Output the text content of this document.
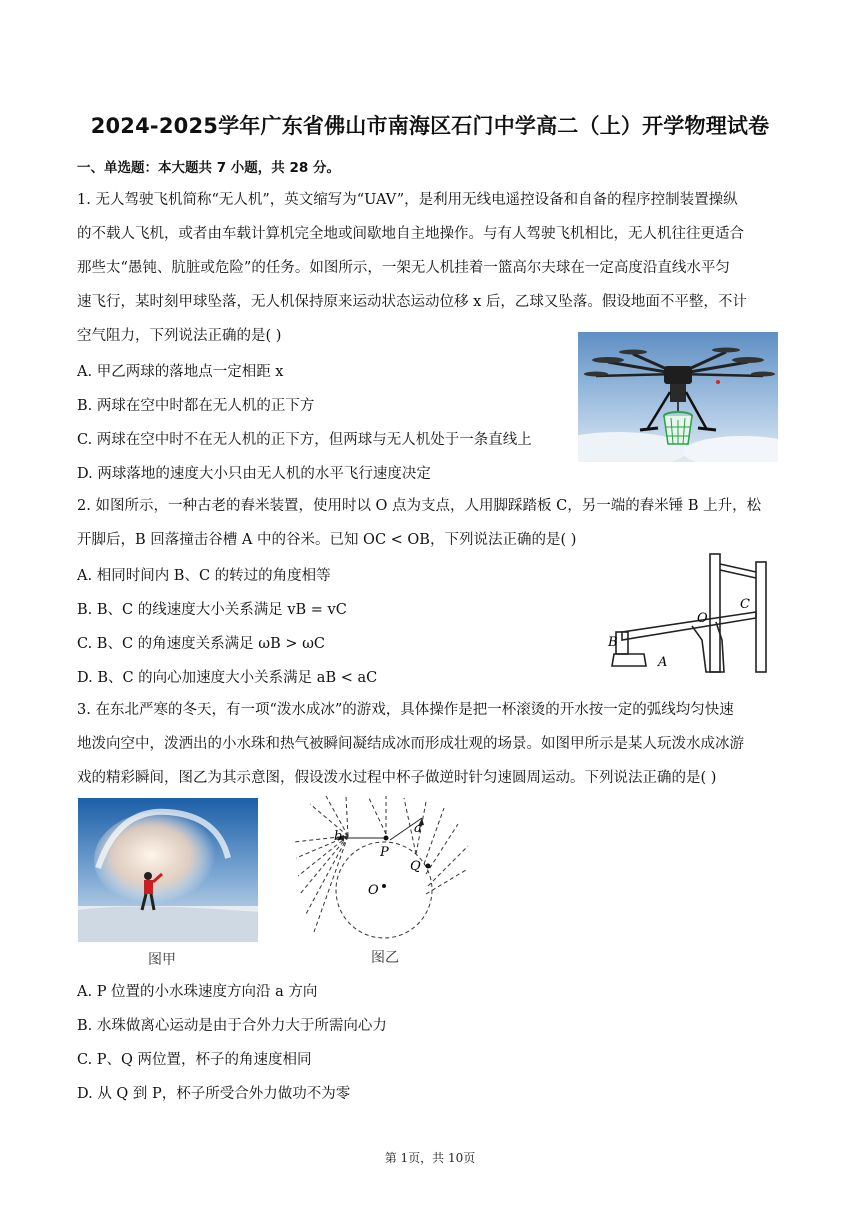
2024-2025学年广东省佛山市南海区石门中学高二（上）开学物理试卷
一、单选题：本大题共 7 小题，共 28 分。
1. 无人驾驶飞机简称“无人机”，英文缩写为“UAV”，是利用无线电遥控设备和自备的程序控制装置操纵
的不载人飞机，或者由车载计算机完全地或间歇地自主地操作。与有人驾驶飞机相比，无人机往往更适合
那些太“愚钝、肮脏或危险”的任务。如图所示，一架无人机挂着一篮高尔夫球在一定高度沿直线水平匀
速飞行，某时刻甲球坠落，无人机保持原来运动状态运动位移 x 后，乙球又坠落。假设地面不平整，不计
空气阻力，下列说法正确的是( )
A. 甲乙两球的落地点一定相距 x
B. 两球在空中时都在无人机的正下方
C. 两球在空中时不在无人机的正下方，但两球与无人机处于一条直线上
D. 两球落地的速度大小只由无人机的水平飞行速度决定
2. 如图所示，一种古老的舂米装置，使用时以 O 点为支点，人用脚踩踏板 C，另一端的舂米锤 B 上升，松
开脚后，B 回落撞击谷槽 A 中的谷米。已知 OC < OB，下列说法正确的是( )
A. 相同时间内 B、C 的转过的角度相等
B. B、C 的线速度大小关系满足 vB = vC
C. B、C 的角速度关系满足 ωB > ωC
D. B、C 的向心加速度大小关系满足 aB < aC
O
C
B
A
3. 在东北严寒的冬天，有一项“泼水成冰”的游戏，具体操作是把一杯滚烫的开水按一定的弧线均匀快速
地泼向空中，泼洒出的小水珠和热气被瞬间凝结成冰而形成壮观的场景。如图甲所示是某人玩泼水成冰游
戏的精彩瞬间，图乙为其示意图，假设泼水过程中杯子做逆时针匀速圆周运动。下列说法正确的是( )
图甲
b
a
P
Q
O
图乙
A. P 位置的小水珠速度方向沿 a 方向
B. 水珠做离心运动是由于合外力大于所需向心力
C. P、Q 两位置，杯子的角速度相同
D. 从 Q 到 P，杯子所受合外力做功不为零
第 1页，共 10页
